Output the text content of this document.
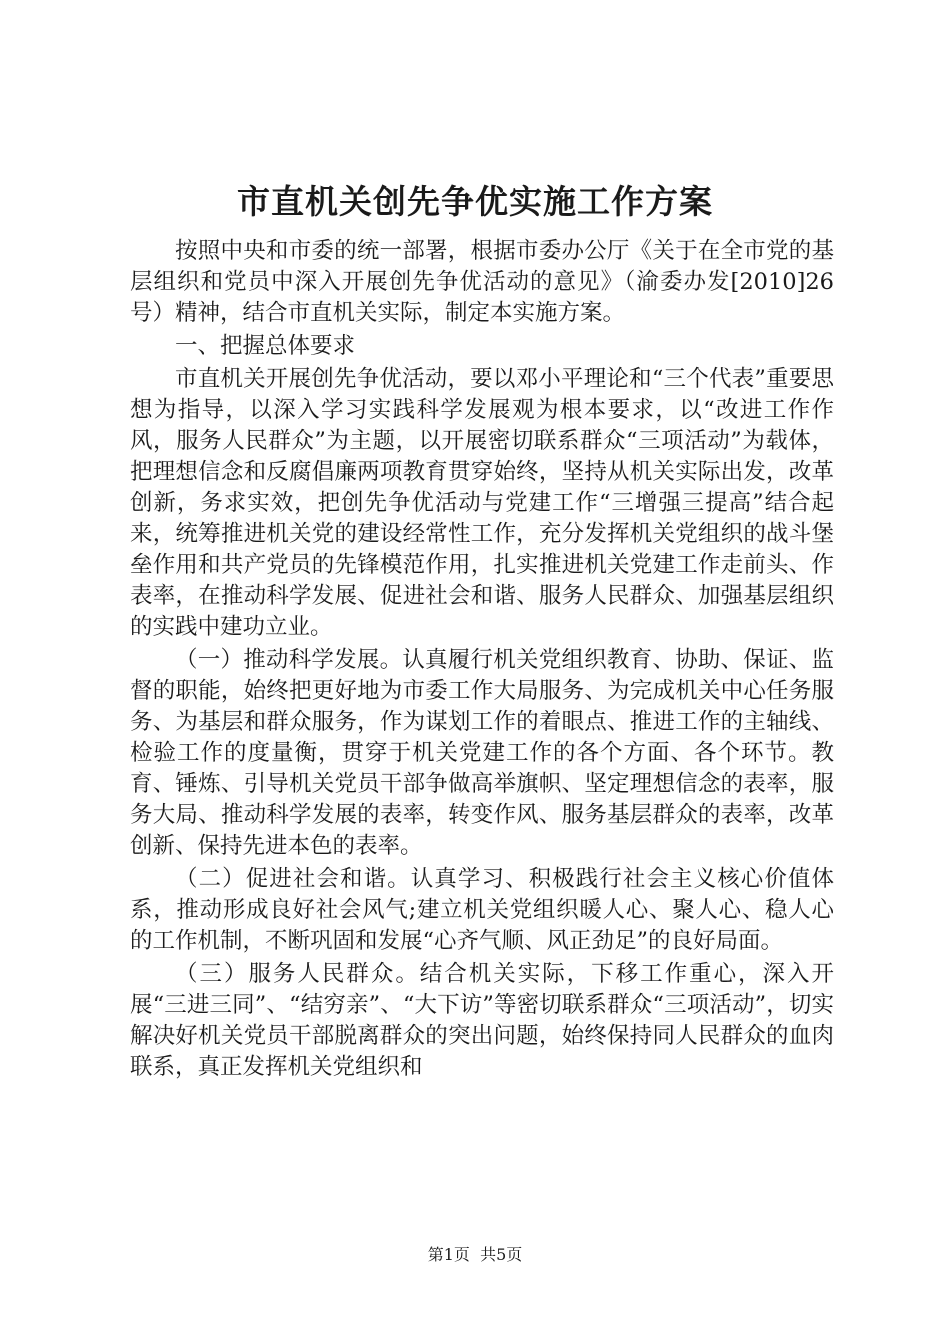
市直机关创先争优实施工作方案

按照中央和市委的统一部署，根据市委办公厅《关于在全市党的基层组织和党员中深入开展创先争优活动的意见》（渝委办发[2010]26号）精神，结合市直机关实际，制定本实施方案。

一、把握总体要求

市直机关开展创先争优活动，要以邓小平理论和“三个代表”重要思想为指导，以深入学习实践科学发展观为根本要求，以“改进工作作风，服务人民群众”为主题，以开展密切联系群众“三项活动”为载体，把理想信念和反腐倡廉两项教育贯穿始终，坚持从机关实际出发，改革创新，务求实效，把创先争优活动与党建工作“三增强三提高”结合起来，统筹推进机关党的建设经常性工作，充分发挥机关党组织的战斗堡垒作用和共产党员的先锋模范作用，扎实推进机关党建工作走前头、作表率，在推动科学发展、促进社会和谐、服务人民群众、加强基层组织的实践中建功立业。

（一）推动科学发展。认真履行机关党组织教育、协助、保证、监督的职能，始终把更好地为市委工作大局服务、为完成机关中心任务服务、为基层和群众服务，作为谋划工作的着眼点、推进工作的主轴线、检验工作的度量衡，贯穿于机关党建工作的各个方面、各个环节。教育、锤炼、引导机关党员干部争做高举旗帜、坚定理想信念的表率，服务大局、推动科学发展的表率，转变作风、服务基层群众的表率，改革创新、保持先进本色的表率。

（二）促进社会和谐。认真学习、积极践行社会主义核心价值体系，推动形成良好社会风气;建立机关党组织暖人心、聚人心、稳人心的工作机制，不断巩固和发展“心齐气顺、风正劲足”的良好局面。

（三）服务人民群众。结合机关实际，下移工作重心，深入开展“三进三同”、“结穷亲”、“大下访”等密切联系群众“三项活动”，切实解决好机关党员干部脱离群众的突出问题，始终保持同人民群众的血肉联系，真正发挥机关党组织和

第1页 共5页
